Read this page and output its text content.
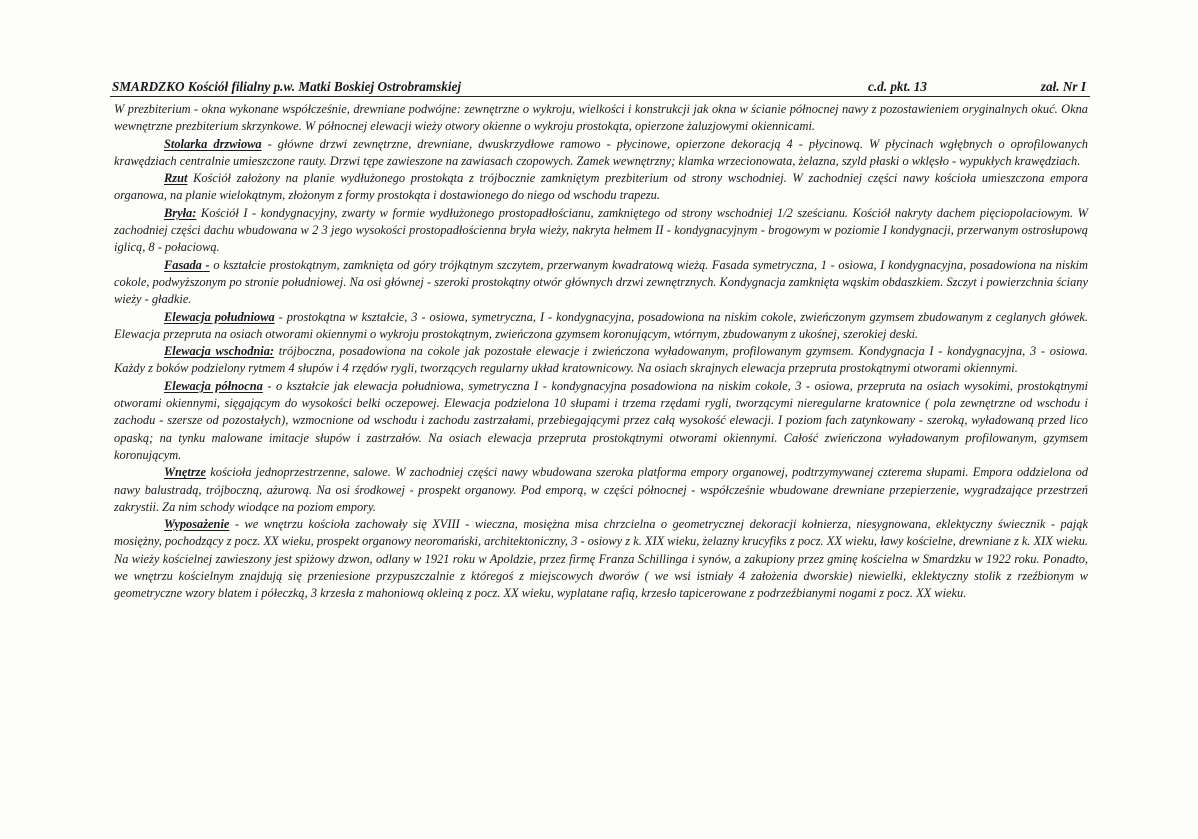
SMARDZKO Kościół filialny p.w. Matki Boskiej Ostrobramskiej	c.d. pkt. 13	zał. Nr I

W prezbiterium - okna wykonane współcześnie, drewniane podwójne: zewnętrzne o wykroju, wielkości i konstrukcji jak okna w ścianie północnej nawy z pozostawieniem oryginalnych okuć. Okna wewnętrzne prezbiterium skrzynkowe. W północnej elewacji wieży otwory okienne o wykroju prostokąta, opierzone żaluzjowymi okiennicami.

Stolarka drzwiowa - główne drzwi zewnętrzne, drewniane, dwuskrzydłowe ramowo - płycinowe, opierzone dekoracją 4 - płycinową. W płycinach wgłębnych o oprofilowanych krawędziach centralnie umieszczone rauty. Drzwi tępe zawieszone na zawiasach czopowych. Zamek wewnętrzny; klamka wrzecionowata, żelazna, szyld płaski o wklęsło - wypukłych krawędziach.

Rzut Kościół założony na planie wydłużonego prostokąta z trójbocznie zamkniętym prezbiterium od strony wschodniej. W zachodniej części nawy kościoła umieszczona empora organowa, na planie wielokątnym, złożonym z formy prostokąta i dostawionego do niego od wschodu trapezu.

Bryła: Kościół I - kondygnacyjny, zwarty w formie wydłużonego prostopadłościanu, zamkniętego od strony wschodniej 1/2 sześcianu. Kościół nakryty dachem pięciopolaciowym. W zachodniej części dachu wbudowana w 2 3 jego wysokości prostopadłościenna bryła wieży, nakryta hełmem II - kondygnacyjnym - brogowym w poziomie I kondygnacji, przerwanym ostrosłupową iglicą, 8 - połaciową.

Fasada - o kształcie prostokątnym, zamknięta od góry trójkątnym szczytem, przerwanym kwadratową wieżą. Fasada symetryczna, 1 - osiowa, I kondygnacyjna, posadowiona na niskim cokole, podwyższonym po stronie południowej. Na osi głównej - szeroki prostokątny otwór głównych drzwi zewnętrznych. Kondygnacja zamknięta wąskim obdaszkiem. Szczyt i powierzchnia ściany wieży - gładkie.

Elewacja południowa - prostokątna w kształcie, 3 - osiowa, symetryczna, I - kondygnacyjna, posadowiona na niskim cokole, zwieńczonym gzymsem zbudowanym z ceglanych główek. Elewacja przepruta na osiach otworami okiennymi o wykroju prostokątnym, zwieńczona gzymsem koronującym, wtórnym, zbudowanym z ukośnej, szerokiej deski.

Elewacja wschodnia: trójboczna, posadowiona na cokole jak pozostałe elewacje i zwieńczona wyładowanym, profilowanym gzymsem. Kondygnacja I - kondygnacyjna, 3 - osiowa. Każdy z boków podzielony rytmem 4 słupów i 4 rzędów rygli, tworzących regularny układ kratownicowy. Na osiach skrajnych elewacja przepruta prostokątnymi otworami okiennymi.

Elewacja północna - o kształcie jak elewacja południowa, symetryczna I - kondygnacyjna posadowiona na niskim cokole, 3 - osiowa, przepruta na osiach wysokimi, prostokątnymi otworami okiennymi, sięgającym do wysokości belki oczepowej. Elewacja podzielona 10 słupami i trzema rzędami rygli, tworzącymi nieregularne kratownice ( pola zewnętrzne od wschodu i zachodu - szersze od pozostałych), wzmocnione od wschodu i zachodu zastrzałami, przebiegającymi przez całą wysokość elewacji. I poziom fach zatynkowany - szeroką, wyładowaną przed lico opaską; na tynku malowane imitacje słupów i zastrzałów. Na osiach elewacja przepruta prostokątnymi otworami okiennymi. Całość zwieńczona wyładowanym profilowanym, gzymsem koronującym.

Wnętrze kościoła jednoprzestrzenne, salowe. W zachodniej części nawy wbudowana szeroka platforma empory organowej, podtrzymywanej czterema słupami. Empora oddzielona od nawy balustradą, trójboczną, ażurową. Na osi środkowej - prospekt organowy. Pod emporą, w części północnej - współcześnie wbudowane drewniane przepierzenie, wygradzające przestrzeń zakrystii. Za nim schody wiodące na poziom empory.

Wyposażenie - we wnętrzu kościoła zachowały się XVIII - wieczna, mosiężna misa chrzcielna o geometrycznej dekoracji kołnierza, niesygnowana, eklektyczny świecznik - pająk mosiężny, pochodzący z pocz. XX wieku, prospekt organowy neoromański, architektoniczny, 3 - osiowy z k. XIX wieku, żelazny krucyfiks z pocz. XX wieku, ławy kościelne, drewniane z k. XIX wieku. Na wieży kościelnej zawieszony jest spiżowy dzwon, odlany w 1921 roku w Apoldzie, przez firmę Franza Schillinga i synów, a zakupiony przez gminę kościelna w Smardzku w 1922 roku. Ponadto, we wnętrzu kościelnym znajdują się przeniesione przypuszczalnie z któregoś z miejscowych dworów ( we wsi istniały 4 założenia dworskie) niewielki, eklektyczny stolik z rzeźbionym w geometryczne wzory blatem i półeczką, 3 krzesła z mahoniową okleiną z pocz. XX wieku, wyplatane rafią, krzesło tapicerowane z podrzeźbianymi nogami z pocz. XX wieku.
